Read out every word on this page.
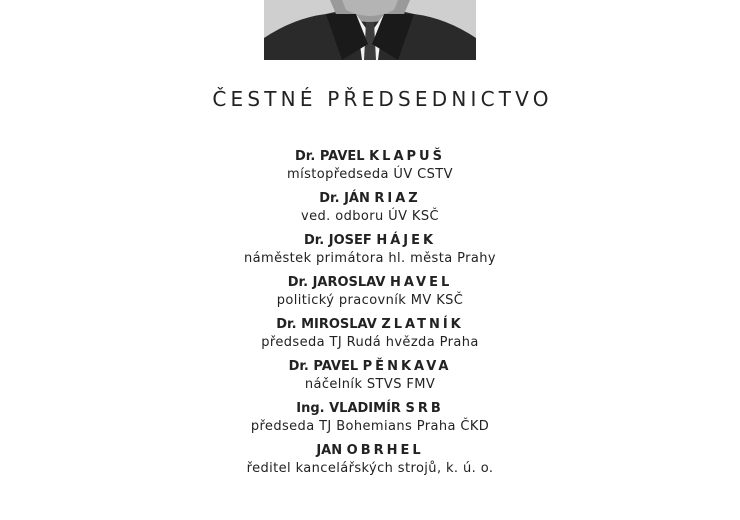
ČESTNÉ PŘEDSEDNICTVO
Dr. PAVEL KLAPUŠ
místopředseda ÚV CSTV
Dr. JÁN RIAZ
ved. odboru ÚV KSČ
Dr. JOSEF HÁJEK
náměstek primátora hl. města Prahy
Dr. JAROSLAV HAVEL
politický pracovník MV KSČ
Dr. MIROSLAV ZLATNÍK
předseda TJ Rudá hvězda Praha
Dr. PAVEL PĚNKAVA
náčelník STVS FMV
Ing. VLADIMÍR SRB
předseda TJ Bohemians Praha ČKD
JAN OBRHEL
ředitel kancelářských strojů, k. ú. o.
